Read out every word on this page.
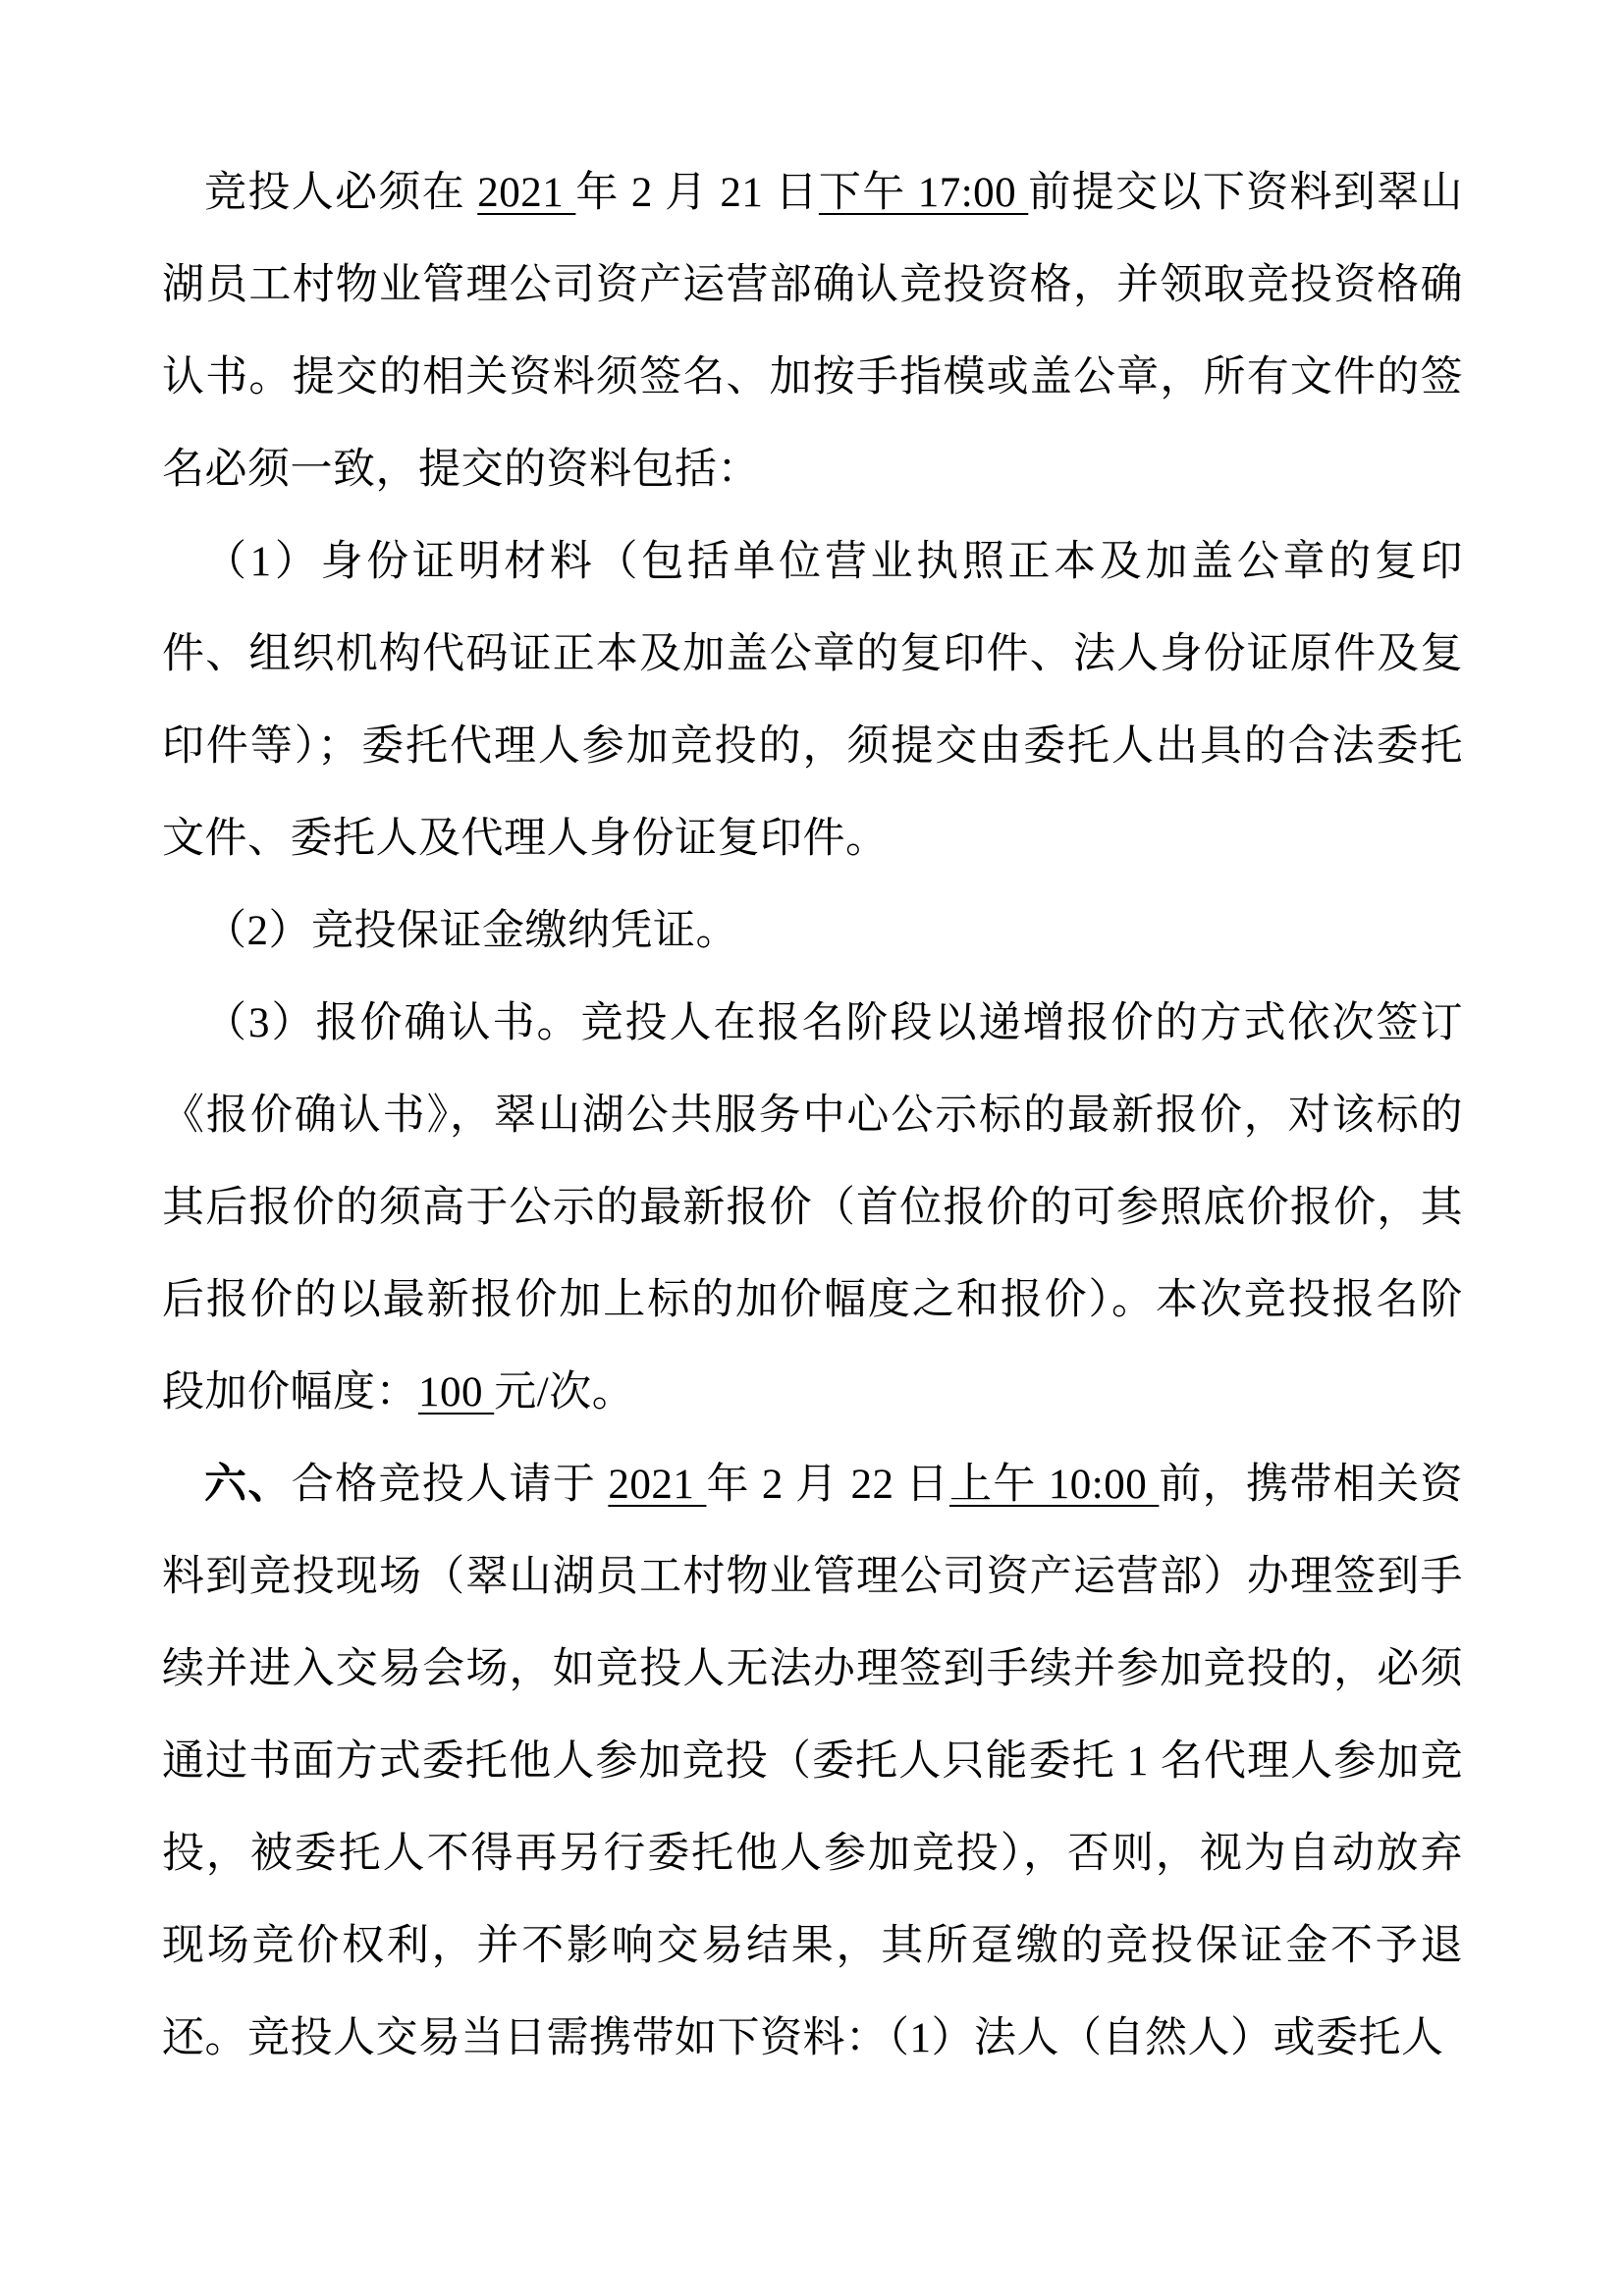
竞投人必须在 2021 年 2 月 21 日下午 17:00 前提交以下资料到翠山湖员工村物业管理公司资产运营部确认竞投资格，并领取竞投资格确认书。提交的相关资料须签名、加按手指模或盖公章，所有文件的签名必须一致，提交的资料包括：

（1）身份证明材料（包括单位营业执照正本及加盖公章的复印件、组织机构代码证正本及加盖公章的复印件、法人身份证原件及复印件等）；委托代理人参加竞投的，须提交由委托人出具的合法委托文件、委托人及代理人身份证复印件。

（2）竞投保证金缴纳凭证。

（3）报价确认书。竞投人在报名阶段以递增报价的方式依次签订《报价确认书》，翠山湖公共服务中心公示标的最新报价，对该标的其后报价的须高于公示的最新报价（首位报价的可参照底价报价，其后报价的以最新报价加上标的加价幅度之和报价）。本次竞投报名阶段加价幅度：100 元/次。

六、合格竞投人请于 2021 年 2 月 22 日上午 10:00 前，携带相关资料到竞投现场（翠山湖员工村物业管理公司资产运营部）办理签到手续并进入交易会场，如竞投人无法办理签到手续并参加竞投的，必须通过书面方式委托他人参加竞投（委托人只能委托 1 名代理人参加竞投，被委托人不得再另行委托他人参加竞投），否则，视为自动放弃现场竞价权利，并不影响交易结果，其所趸缴的竞投保证金不予退还。竞投人交易当日需携带如下资料：（1）法人（自然人）或委托人
